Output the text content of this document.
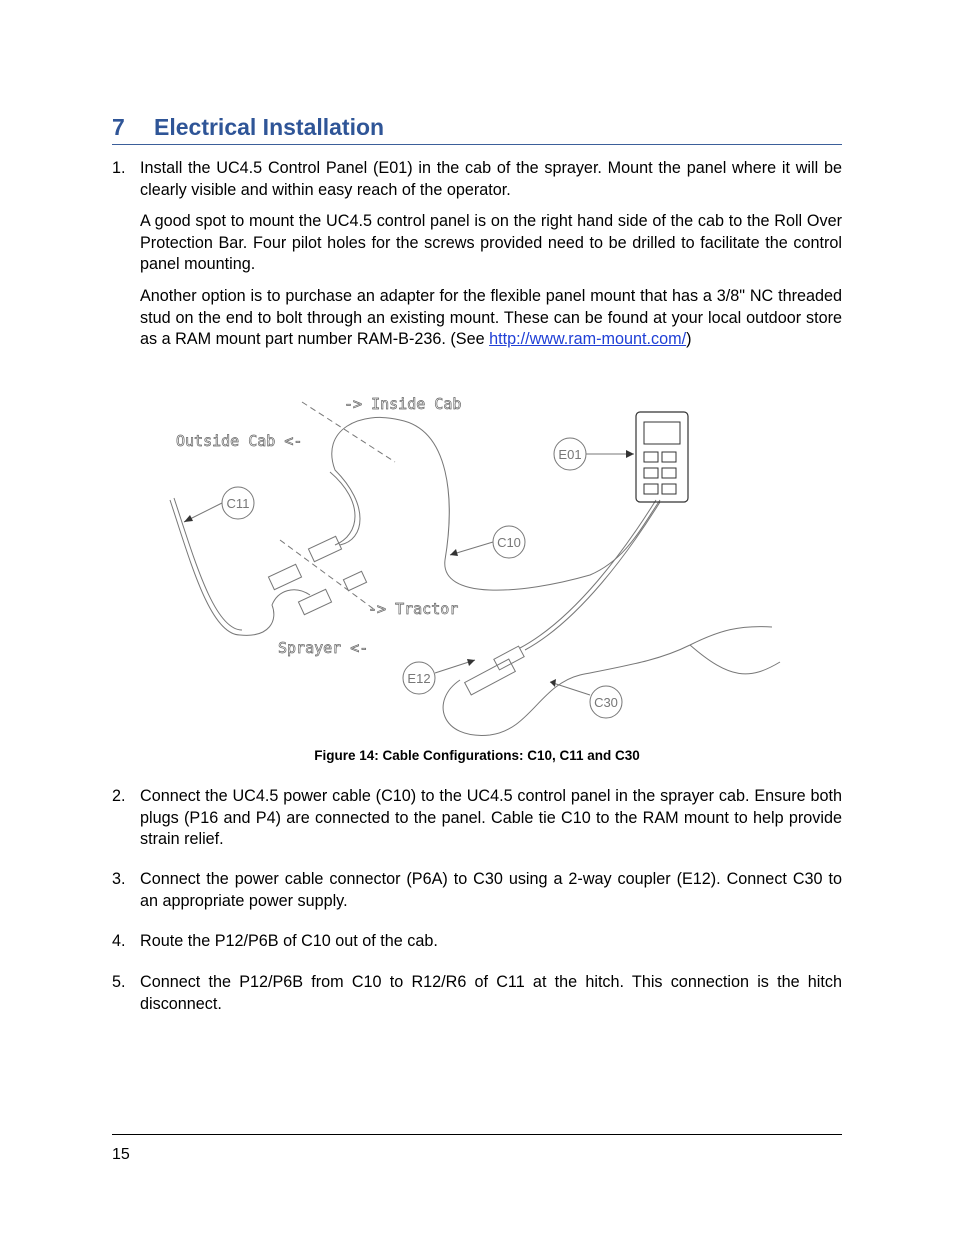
7 Electrical Installation
1. Install the UC4.5 Control Panel (E01) in the cab of the sprayer. Mount the panel where it will be clearly visible and within easy reach of the operator.

A good spot to mount the UC4.5 control panel is on the right hand side of the cab to the Roll Over Protection Bar. Four pilot holes for the screws provided need to be drilled to facilitate the control panel mounting.

Another option is to purchase an adapter for the flexible panel mount that has a 3/8" NC threaded stud on the end to bolt through an existing mount. These can be found at your local outdoor store as a RAM mount part number RAM-B-236. (See http://www.ram-mount.com/)

-> Inside Cab
Outside Cab <-
-> Tractor
Sprayer <-
E01
C11
C10
E12
C30
Figure 14: Cable Configurations: C10, C11 and C30
2. Connect the UC4.5 power cable (C10) to the UC4.5 control panel in the sprayer cab. Ensure both plugs (P16 and P4) are connected to the panel. Cable tie C10 to the RAM mount to help provide strain relief.

3. Connect the power cable connector (P6A) to C30 using a 2-way coupler (E12). Connect C30 to an appropriate power supply.

4. Route the P12/P6B of C10 out of the cab.

5. Connect the P12/P6B from C10 to R12/R6 of C11 at the hitch. This connection is the hitch disconnect.

15
